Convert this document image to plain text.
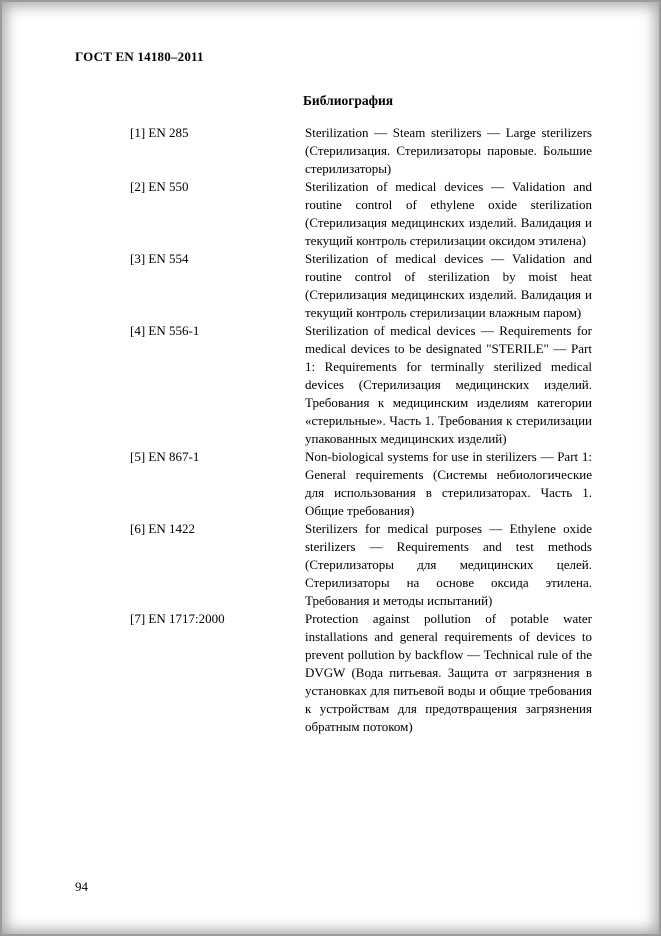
ГОСТ EN 14180–2011
Библиография
[1] EN 285	Sterilization — Steam sterilizers — Large sterilizers (Стерилизация. Стерилизаторы паровые. Большие стерилизаторы)
[2] EN 550	Sterilization of medical devices — Validation and routine control of ethylene oxide sterilization (Стерилизация медицинских изделий. Валидация и текущий контроль стерилизации оксидом этилена)
[3] EN 554	Sterilization of medical devices — Validation and routine control of sterilization by moist heat (Стерилизация медицинских изделий. Валидация и текущий контроль стерилизации влажным паром)
[4] EN 556-1	Sterilization of medical devices — Requirements for medical devices to be designated "STERILE" — Part 1: Requirements for terminally sterilized medical devices (Стерилизация медицинских изделий. Требования к медицинским изделиям категории «стерильные». Часть 1. Требования к стерилизации упакованных медицинских изделий)
[5] EN 867-1	Non-biological systems for use in sterilizers — Part 1: General requirements (Системы небиологические для использования в стерилизаторах. Часть 1. Общие требования)
[6] EN 1422	Sterilizers for medical purposes — Ethylene oxide sterilizers — Requirements and test methods (Стерилизаторы для медицинских целей. Стерилизаторы на основе оксида этилена. Требования и методы испытаний)
[7] EN 1717:2000	Protection against pollution of potable water installations and general requirements of devices to prevent pollution by backflow — Technical rule of the DVGW (Вода питьевая. Защита от загрязнения в установках для питьевой воды и общие требования к устройствам для предотвращения загрязнения обратным потоком)
94
